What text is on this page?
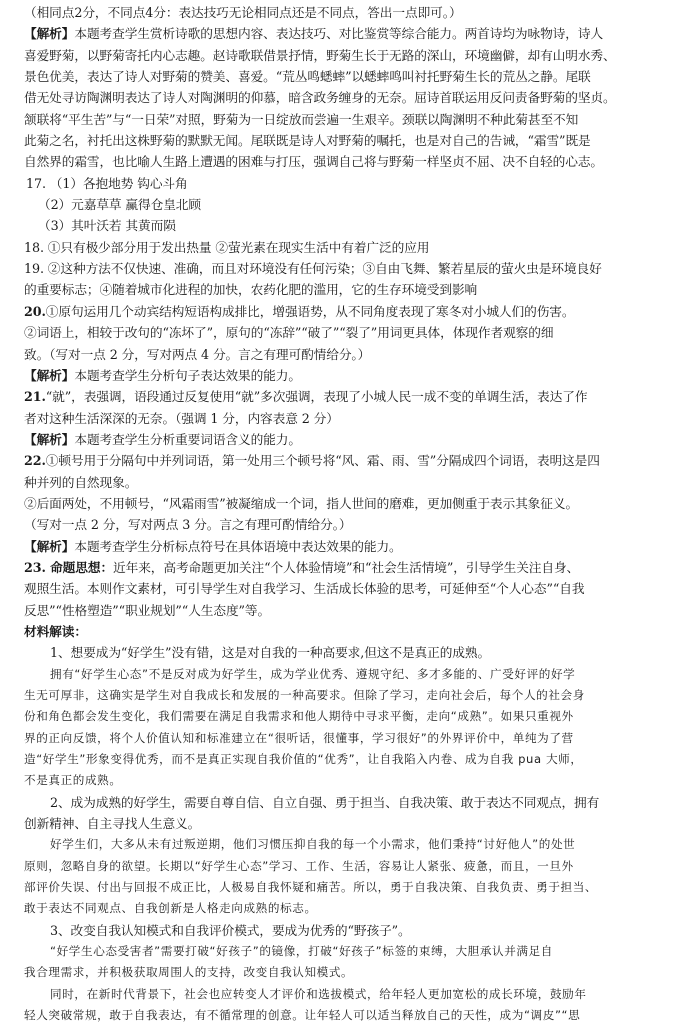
（相同点2分，不同点4分：表达技巧无论相同点还是不同点，答出一点即可。）
【解析】本题考查学生赏析诗歌的思想内容、表达技巧、对比鉴赏等综合能力。两首诗均为咏物诗，诗人
喜爱野菊，以野菊寄托内心志趣。赵诗歌联借景抒情，野菊生长于无路的深山，环境幽僻，却有山明水秀、
景色优美，表达了诗人对野菊的赞美、喜爱。“荒丛鸣蟋蟀”以蟋蟀鸣叫衬托野菊生长的荒丛之静。尾联
借无处寻访陶渊明表达了诗人对陶渊明的仰慕，暗含政务缠身的无奈。屈诗首联运用反问责备野菊的坚贞。
颔联将“平生苦”与“一日荣”对照，野菊为一日绽放而尝遍一生艰辛。颈联以陶渊明不种此菊甚至不知
此菊之名，衬托出这株野菊的默默无闻。尾联既是诗人对野菊的嘱托，也是对自己的告诫，“霜雪”既是
自然界的霜雪，也比喻人生路上遭遇的困难与打压，强调自己将与野菊一样坚贞不屈、决不自轻的心志。
17. （1）各抱地势 钩心斗角
（2）元嘉草草 赢得仓皇北顾
（3）其叶沃若 其黄而陨
18. ①只有极少部分用于发出热量 ②萤光素在现实生活中有着广泛的应用
19. ②这种方法不仅快速、准确，而且对环境没有任何污染；③自由飞舞、繁若星辰的萤火虫是环境良好
的重要标志；④随着城市化进程的加快，农药化肥的滥用，它的生存环境受到影响
20.①原句运用几个动宾结构短语构成排比，增强语势，从不同角度表现了寒冬对小城人们的伤害。
②词语上，相较于改句的“冻坏了”，原句的“冻辞”“破了”“裂了”用词更具体，体现作者观察的细
致。（写对一点 2 分，写对两点 4 分。言之有理可酌情给分。）
【解析】本题考查学生分析句子表达效果的能力。
21.“就”，表强调，语段通过反复使用“就”多次强调，表现了小城人民一成不变的单调生活，表达了作
者对这种生活深深的无奈。（强调 1 分，内容表意 2 分）
【解析】本题考查学生分析重要词语含义的能力。
22.①顿号用于分隔句中并列词语，第一处用三个顿号将“风、霜、雨、雪”分隔成四个词语，表明这是四
种并列的自然现象。
②后面两处，不用顿号，“风霜雨雪”被凝缩成一个词，指人世间的磨难，更加侧重于表示其象征义。
（写对一点 2 分，写对两点 3 分。言之有理可酌情给分。）
【解析】本题考查学生分析标点符号在具体语境中表达效果的能力。
23. 命题思想：近年来，高考命题更加关注“个人体验情境”和“社会生活情境”，引导学生关注自身、
观照生活。本则作文素材，可引导学生对自我学习、生活成长体验的思考，可延伸至“个人心态”“自我
反思”“性格塑造”“职业规划”“人生态度”等。
材料解读：
1、想要成为“好学生”没有错，这是对自我的一种高要求,但这不是真正的成熟。
拥有“好学生心态”不是反对成为好学生，成为学业优秀、遵规守纪、多才多能的、广受好评的好学
生无可厚非，这确实是学生对自我成长和发展的一种高要求。但除了学习，走向社会后，每个人的社会身
份和角色都会发生变化，我们需要在满足自我需求和他人期待中寻求平衡，走向“成熟”。如果只重视外
界的正向反馈，将个人价值认知和标准建立在“很听话，很懂事，学习很好”的外界评价中，单纯为了营
造“好学生”形象变得优秀，而不是真正实现自我价值的“优秀”，让自我陷入内卷、成为自我 pua 大师，
不是真正的成熟。
2、成为成熟的好学生，需要自尊自信、自立自强、勇于担当、自我决策、敢于表达不同观点，拥有
创新精神、自主寻找人生意义。
好学生们，大多从未有过叛逆期，他们习惯压抑自我的每一个小需求，他们秉持“讨好他人”的处世
原则，忽略自身的欲望。长期以“好学生心态”学习、工作、生活，容易让人紧张、疲惫，而且，一旦外
部评价失误、付出与回报不成正比，人极易自我怀疑和痛苦。所以，勇于自我决策、自我负责、勇于担当、
敢于表达不同观点、自我创新是人格走向成熟的标志。
3、改变自我认知模式和自我评价模式，要成为优秀的“野孩子”。
“好学生心态受害者”需要打破“好孩子”的镜像，打破“好孩子”标签的束缚，大胆承认并满足自
我合理需求，并积极获取周围人的支持，改变自我认知模式。
同时，在新时代背景下，社会也应转变人才评价和选拔模式，给年轻人更加宽松的成长环境，鼓励年
轻人突破常规，敢于自我表达，有不循常理的创意。让年轻人可以适当释放自己的天性，成为“调皮”“思
